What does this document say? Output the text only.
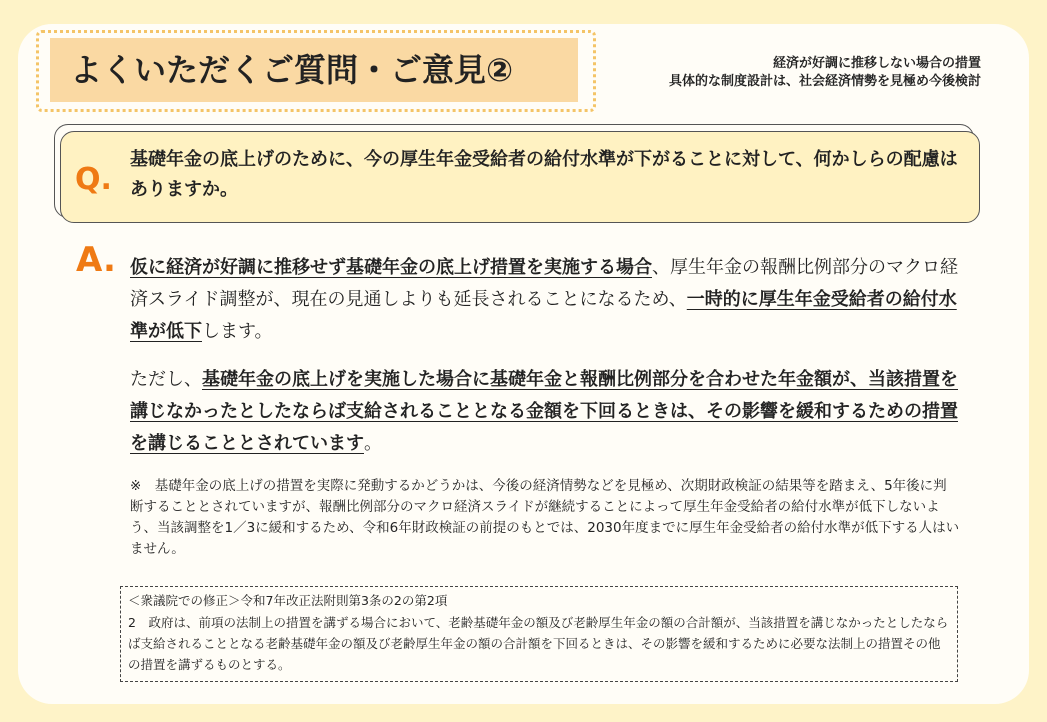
よくいただくご質問・ご意見②	経済が好調に推移しない場合の措置
具体的な制度設計は、社会経済情勢を見極め今後検討
Q.
基礎年金の底上げのために、今の厚生年金受給者の給付水準が下がることに対して、何かしらの配慮はありますか。
A. 仮に経済が好調に推移せず基礎年金の底上げ措置を実施する場合、厚生年金の報酬比例部分のマクロ経済スライド調整が、現在の見通しよりも延長されることになるため、一時的に厚生年金受給者の給付水準が低下します。

ただし、基礎年金の底上げを実施した場合に基礎年金と報酬比例部分を合わせた年金額が、当該措置を講じなかったとしたならば支給されることとなる金額を下回るときは、その影響を緩和するための措置を講じることとされています。

※　基礎年金の底上げの措置を実際に発動するかどうかは、今後の経済情勢などを見極め、次期財政検証の結果等を踏まえ、5年後に判断することとされていますが、報酬比例部分のマクロ経済スライドが継続することによって厚生年金受給者の給付水準が低下しないよう、当該調整を1／3に緩和するため、令和6年財政検証の前提のもとでは、2030年度までに厚生年金受給者の給付水準が低下する人はいません。

＜衆議院での修正＞令和7年改正法附則第3条の2の第2項

2　政府は、前項の法制上の措置を講ずる場合において、老齢基礎年金の額及び老齢厚生年金の額の合計額が、当該措置を講じなかったとしたならば支給されることとなる老齢基礎年金の額及び老齢厚生年金の額の合計額を下回るときは、その影響を緩和するために必要な法制上の措置その他の措置を講ずるものとする。
